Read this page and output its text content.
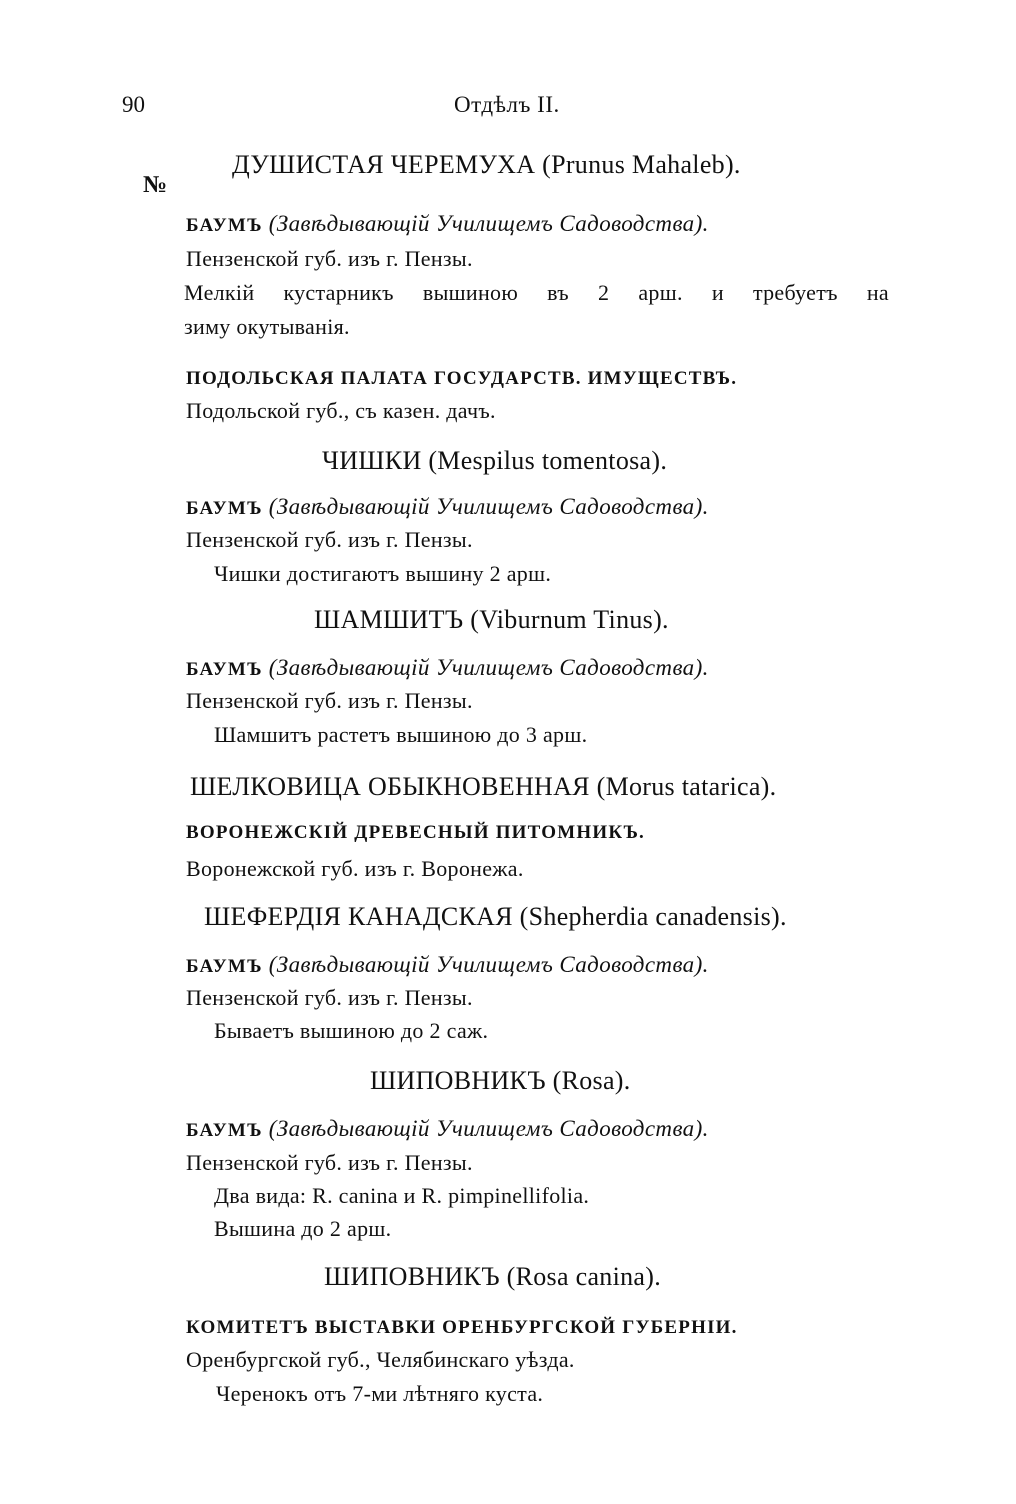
90	Отдѣлъ II.
№
ДУШИСТАЯ ЧЕРЕМУХА (Prunus Mahaleb).
БАУМЪ (Завѣдывающій Училищемъ Садоводства).
Пензенской губ. изъ г. Пензы.
Мелкій кустарникъ вышиною въ 2 арш. и требуетъ на
зиму окутыванія.
ПОДОЛЬСКАЯ ПАЛАТА ГОСУДАРСТВ. ИМУЩЕСТВЪ.
Подольской губ., съ казен. дачъ.
ЧИШКИ (Mespilus tomentosa).
БАУМЪ (Завѣдывающій Училищемъ Садоводства).
Пензенской губ. изъ г. Пензы.
Чишки достигаютъ вышину 2 арш.
ШАМШИТЪ (Viburnum Tinus).
БАУМЪ (Завѣдывающій Училищемъ Садоводства).
Пензенской губ. изъ г. Пензы.
Шамшитъ растетъ вышиною до 3 арш.
ШЕЛКОВИЦА ОБЫКНОВЕННАЯ (Morus tatarica).
ВОРОНЕЖСКІЙ ДРЕВЕСНЫЙ ПИТОМНИКЪ.
Воронежской губ. изъ г. Воронежа.
ШЕФЕРДІЯ КАНАДСКАЯ (Shepherdia canadensis).
БАУМЪ (Завѣдывающій Училищемъ Садоводства).
Пензенской губ. изъ г. Пензы.
Бываетъ вышиною до 2 саж.
ШИПОВНИКЪ (Rosa).
БАУМЪ (Завѣдывающій Училищемъ Садоводства).
Пензенской губ. изъ г. Пензы.
Два вида: R. canina и R. pimpinellifolia.
Вышина до 2 арш.
ШИПОВНИКЪ (Rosa canina).
КОМИТЕТЪ ВЫСТАВКИ ОРЕНБУРГСКОЙ ГУБЕРНІИ.
Оренбургской губ., Челябинскаго уѣзда.
Черенокъ отъ 7-ми лѣтняго куста.
